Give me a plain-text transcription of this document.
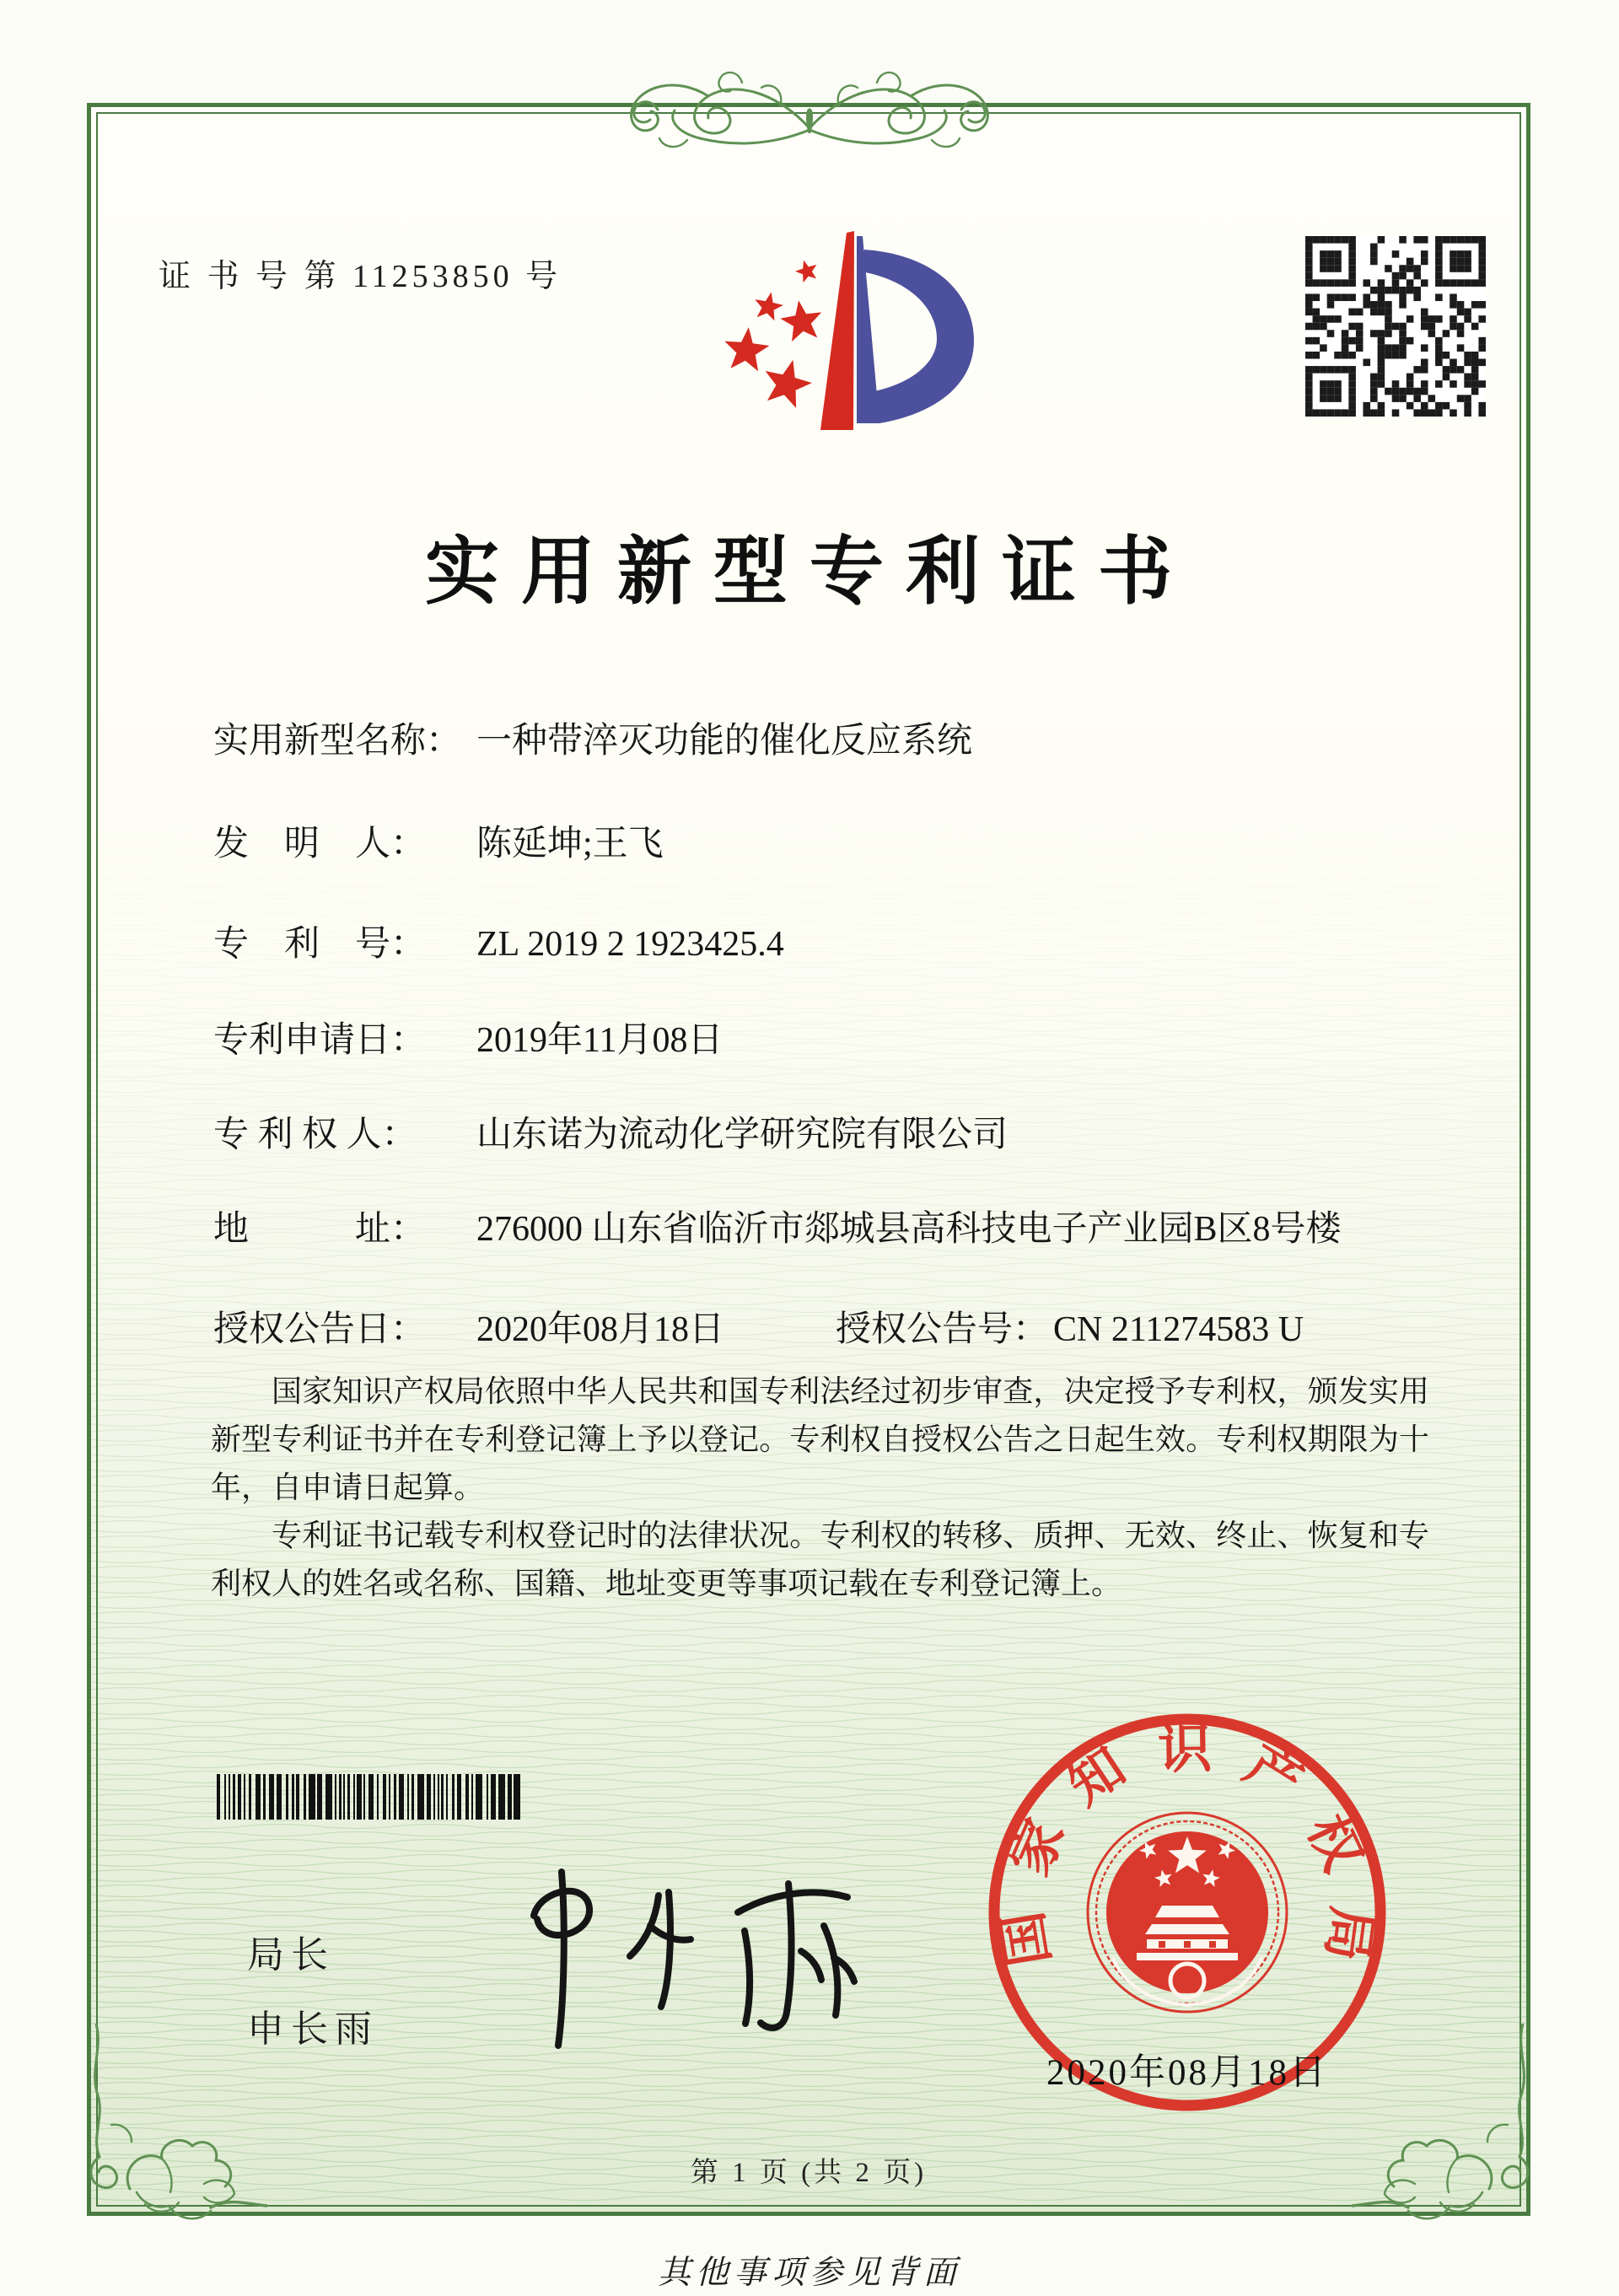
证 书 号 第 11253850 号
实用新型专利证书
实用新型名称： 一种带淬灭功能的催化反应系统
发　明　人： 陈延坤;王飞
专　利　号： ZL 2019 2 1923425.4
专利申请日： 2019年11月08日
专 利 权 人： 山东诺为流动化学研究院有限公司
地　　　址： 276000 山东省临沂市郯城县高科技电子产业园B区8号楼
授权公告日： 2020年08月18日	授权公告号： CN 211274583 U

国家知识产权局依照中华人民共和国专利法经过初步审查，决定授予专利权，颁发实用新型专利证书并在专利登记簿上予以登记。专利权自授权公告之日起生效。专利权期限为十年，自申请日起算。

专利证书记载专利权登记时的法律状况。专利权的转移、质押、无效、终止、恢复和专利权人的姓名或名称、国籍、地址变更等事项记载在专利登记簿上。

局长
申长雨
国家知识产权局
2020年08月18日
第 1 页 (共 2 页)
其他事项参见背面
